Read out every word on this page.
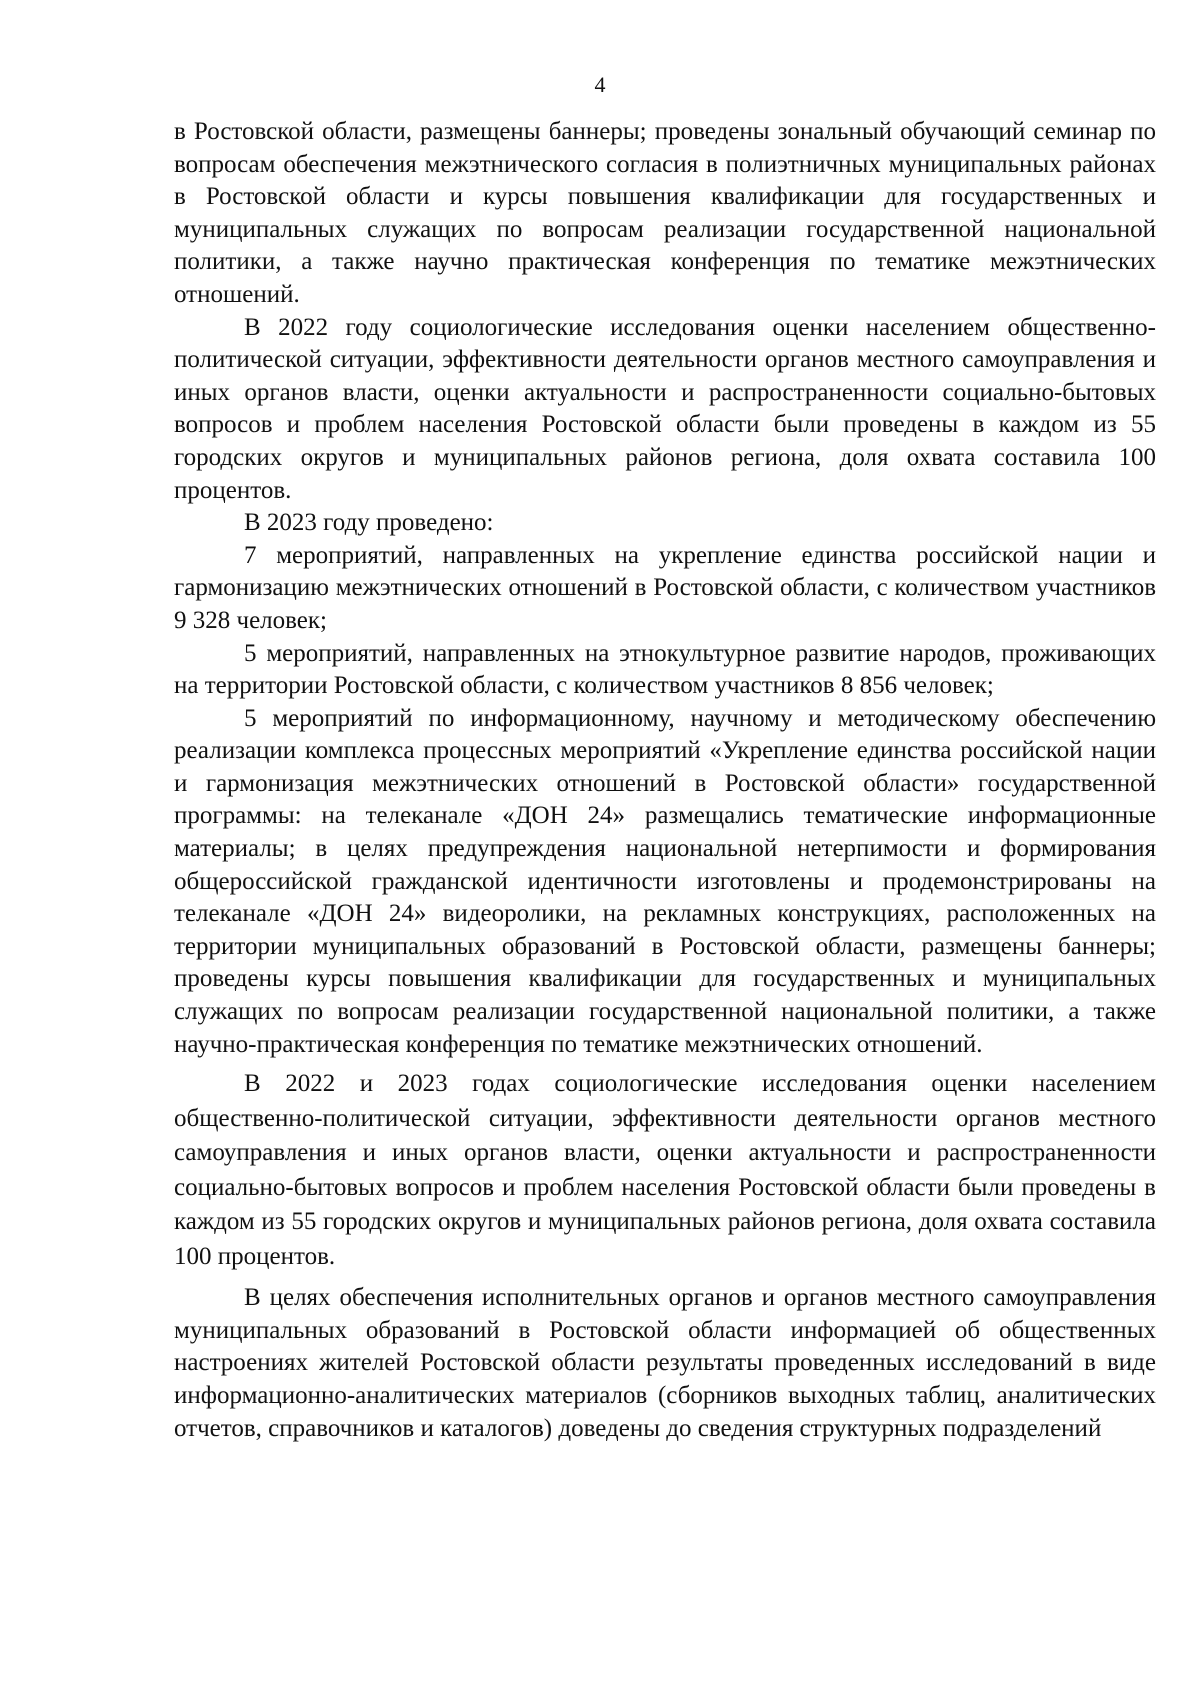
4

в Ростовской области, размещены баннеры; проведены зональный обучающий семинар по вопросам обеспечения межэтнического согласия в полиэтничных муниципальных районах в Ростовской области и курсы повышения квалификации для государственных и муниципальных служащих по вопросам реализации государственной национальной политики, а также научно практическая конференция по тематике межэтнических отношений.

В 2022 году социологические исследования оценки населением общественно-политической ситуации, эффективности деятельности органов местного самоуправления и иных органов власти, оценки актуальности и распространенности социально-бытовых вопросов и проблем населения Ростовской области были проведены в каждом из 55 городских округов и муниципальных районов региона, доля охвата составила 100 процентов.

В 2023 году проведено:

7 мероприятий, направленных на укрепление единства российской нации и гармонизацию межэтнических отношений в Ростовской области, с количеством участников 9 328 человек;

5 мероприятий, направленных на этнокультурное развитие народов, проживающих на территории Ростовской области, с количеством участников 8 856 человек;

5 мероприятий по информационному, научному и методическому обеспечению реализации комплекса процессных мероприятий «Укрепление единства российской нации и гармонизация межэтнических отношений в Ростовской области» государственной программы: на телеканале «ДОН 24» размещались тематические информационные материалы; в целях предупреждения национальной нетерпимости и формирования общероссийской гражданской идентичности изготовлены и продемонстрированы на телеканале «ДОН 24» видеоролики, на рекламных конструкциях, расположенных на территории муниципальных образований в Ростовской области, размещены баннеры; проведены курсы повышения квалификации для государственных и муниципальных служащих по вопросам реализации государственной национальной политики, а также научно-практическая конференция по тематике межэтнических отношений.

В 2022 и 2023 годах социологические исследования оценки населением общественно-политической ситуации, эффективности деятельности органов местного самоуправления и иных органов власти, оценки актуальности и распространенности социально-бытовых вопросов и проблем населения Ростовской области были проведены в каждом из 55 городских округов и муниципальных районов региона, доля охвата составила 100 процентов.

В целях обеспечения исполнительных органов и органов местного самоуправления муниципальных образований в Ростовской области информацией об общественных настроениях жителей Ростовской области результаты проведенных исследований в виде информационно-аналитических материалов (сборников выходных таблиц, аналитических отчетов, справочников и каталогов) доведены до сведения структурных подразделений
